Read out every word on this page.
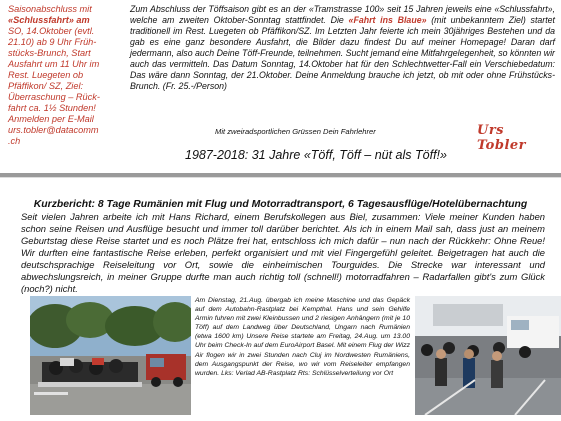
Saisonabschluss mit
«Schlussfahrt» am
SO, 14.Oktober (evtl.
21.10) ab 9 Uhr Früh-
stücks-Brunch, Start
Ausfahrt um 11 Uhr im
Rest. Luegeten ob
Pfäffikon/ SZ, Ziel:
Überraschung – Rück-
fahrt ca. 1½ Stunden!
Anmelden per E-Mail
urs.tobler@datacomm
.ch
Zum Abschluss der Töffsaison gibt es an der «Tramstrasse 100» seit 15 Jahren jeweils eine «Schlussfahrt», welche am zweiten Oktober-Sonntag stattfindet. Die «Fahrt ins Blaue» (mit unbekanntem Ziel) startet traditionell im Rest. Luegeten ob Pfäffikon/SZ. Im Letzten Jahr feierte ich mein 30jähriges Bestehen und da gab es eine ganz besondere Ausfahrt, die Bilder dazu findest Du auf meiner Homepage! Daran darf jedermann, also auch Deine Töff-Freunde, teilnehmen. Sucht jemand eine Mitfahrgelegenheit, so könnten wir auch das vermitteln. Das Datum Sonntag, 14.Oktober hat für den Schlechtwetter-Fall ein Verschiebedatum: Das wäre dann Sonntag, der 21.Oktober. Deine Anmeldung brauche ich jetzt, ob mit oder ohne Frühstücks-Brunch. (Fr. 25.-/Person)
Mit zweiradsportlichen Grüssen Dein Fahrlehrer	Urs Tobler
1987-2018: 31 Jahre «Töff, Töff – nüt als Töff!»
Kurzbericht: 8 Tage Rumänien mit Flug und Motorradtransport, 6 Tagesausflüge/Hotelübernachtung
Seit vielen Jahren arbeite ich mit Hans Richard, einem Berufskollegen aus Biel, zusammen: Viele meiner Kunden haben schon seine Reisen und Ausflüge besucht und immer toll darüber berichtet. Als ich in einem Mail sah, dass just an meinem Geburtstag diese Reise startet und es noch Plätze frei hat, entschloss ich mich dafür – nun nach der Rückkehr: Ohne Reue! Wir durften eine fantastische Reise erleben, perfekt organisiert und mit viel Fingergefühl geleitet. Beigetragen hat auch die deutschsprachige Reiseleitung vor Ort, sowie die einheimischen Tourguides. Die Strecke war interessant und abwechslungsreich, in meiner Gruppe durfte man auch richtig toll (schnell!) motorradfahren – Radarfallen gibt's zum Glück (noch?) nicht.
Am Dienstag, 21.Aug. übergab ich meine Maschine und das Gepäck auf dem Autobahn-Rastplatz bei Kempthal. Hans und sein Gehilfe Armin fuhren mit zwei Kleinbussen und 2 riesigen Anhängern (mit je 10 Töff) auf dem Landweg über Deutschland, Ungarn nach Rumänien (etwa 1600 km) Unsere Reise startete am Freitag, 24.Aug. um 13.00 Uhr beim Check-In auf dem EuroAirport Basel. Mit einem Flug der Wizz Air flogen wir in zwei Stunden nach Cluj im Nordwesten Rumäniens, dem Ausgangspunkt der Reise, wo wir vom Reiseleiter empfangen wurden. Lks: Verlad AB-Rastplatz Rts: Schlüsselverteilung vor Ort
